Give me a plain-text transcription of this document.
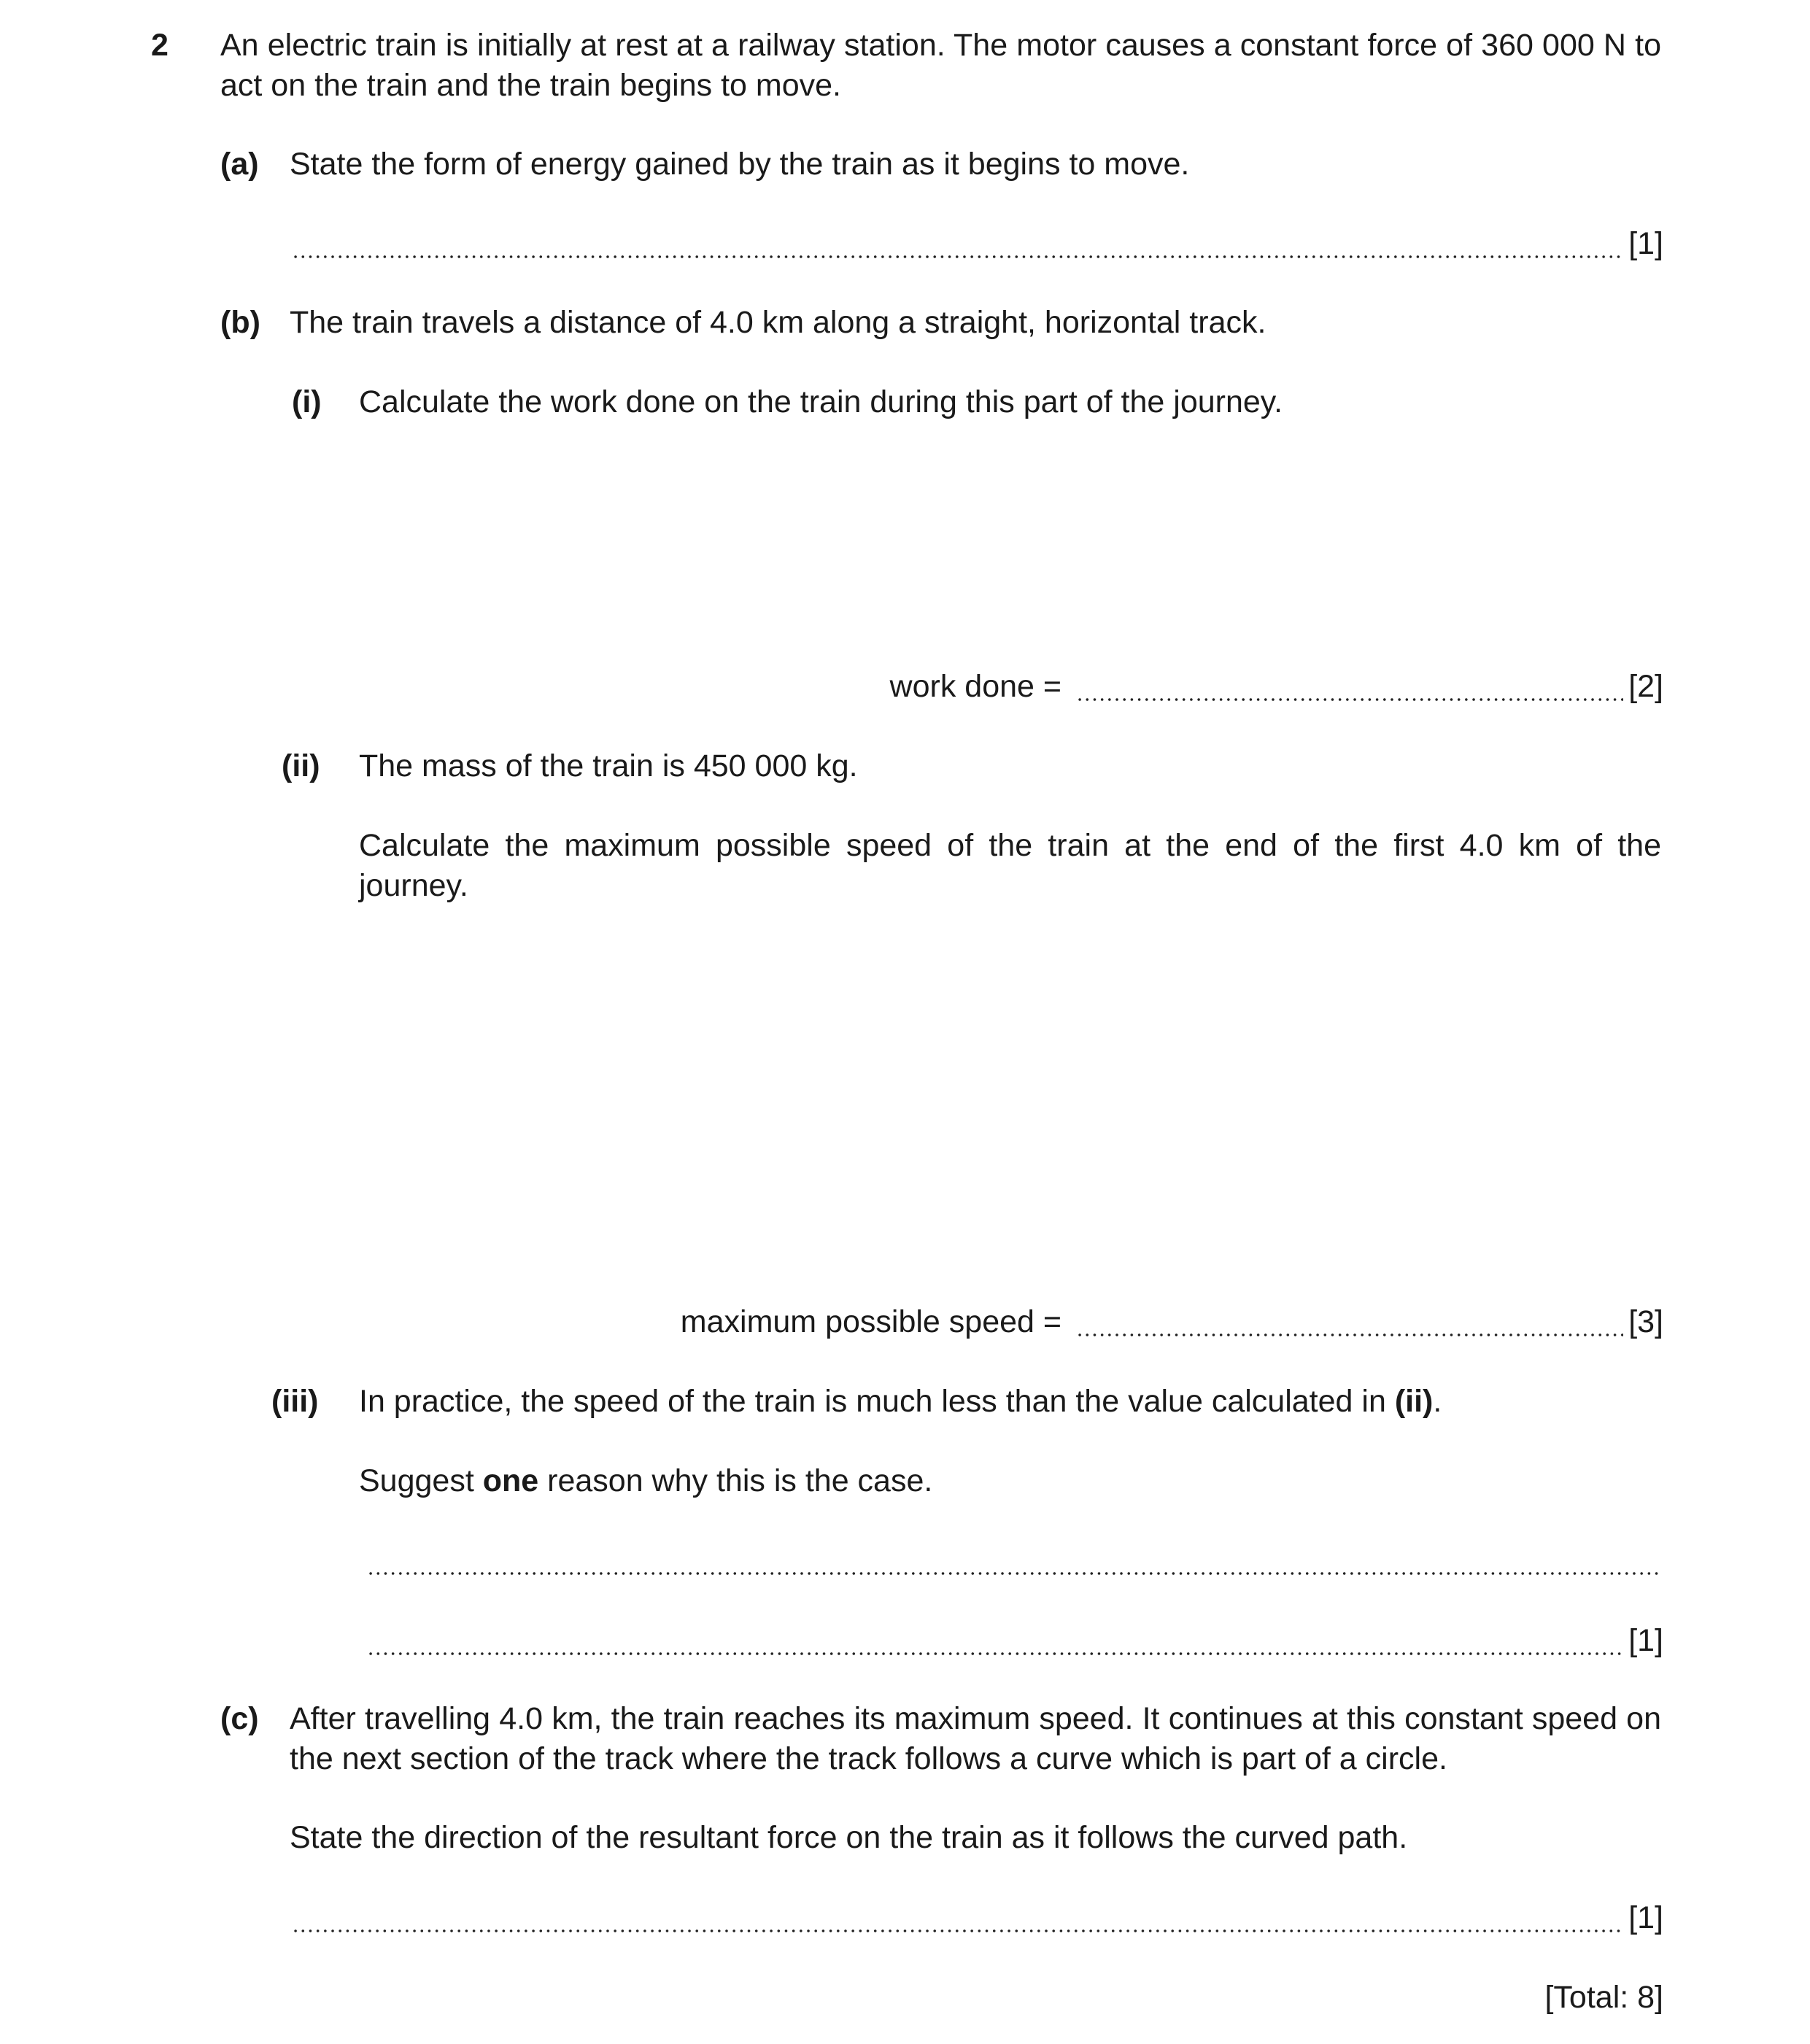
2 An electric train is initially at rest at a railway station. The motor causes a constant force of 360 000 N to act on the train and the train begins to move.
(a) State the form of energy gained by the train as it begins to move.
[1]
(b) The train travels a distance of 4.0 km along a straight, horizontal track.
(i) Calculate the work done on the train during this part of the journey.
work done =	[2]
(ii) The mass of the train is 450 000 kg.
Calculate the maximum possible speed of the train at the end of the first 4.0 km of the journey.
maximum possible speed =	[3]
(iii) In practice, the speed of the train is much less than the value calculated in (ii).
Suggest one reason why this is the case.
[1]
(c) After travelling 4.0 km, the train reaches its maximum speed. It continues at this constant speed on the next section of the track where the track follows a curve which is part of a circle.
State the direction of the resultant force on the train as it follows the curved path.
[1]
[Total: 8]
